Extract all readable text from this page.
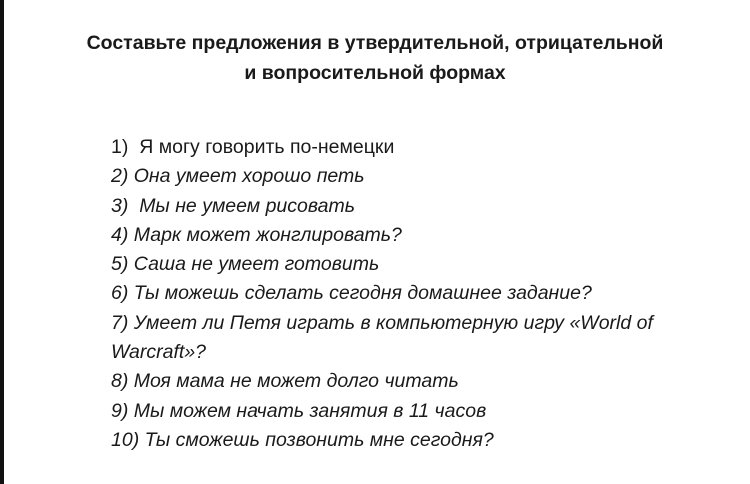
Составьте предложения в утвердительной, отрицательной
и вопросительной формах

1) Я могу говорить по-немецки

2) Она умеет хорошо петь

3) Мы не умеем рисовать

4) Марк может жонглировать?

5) Саша не умеет готовить

6) Ты можешь сделать сегодня домашнее задание?

7) Умеет ли Петя играть в компьютерную игру «World of Warcraft»?

8) Моя мама не может долго читать

9) Мы можем начать занятия в 11 часов

10) Ты сможешь позвонить мне сегодня?
